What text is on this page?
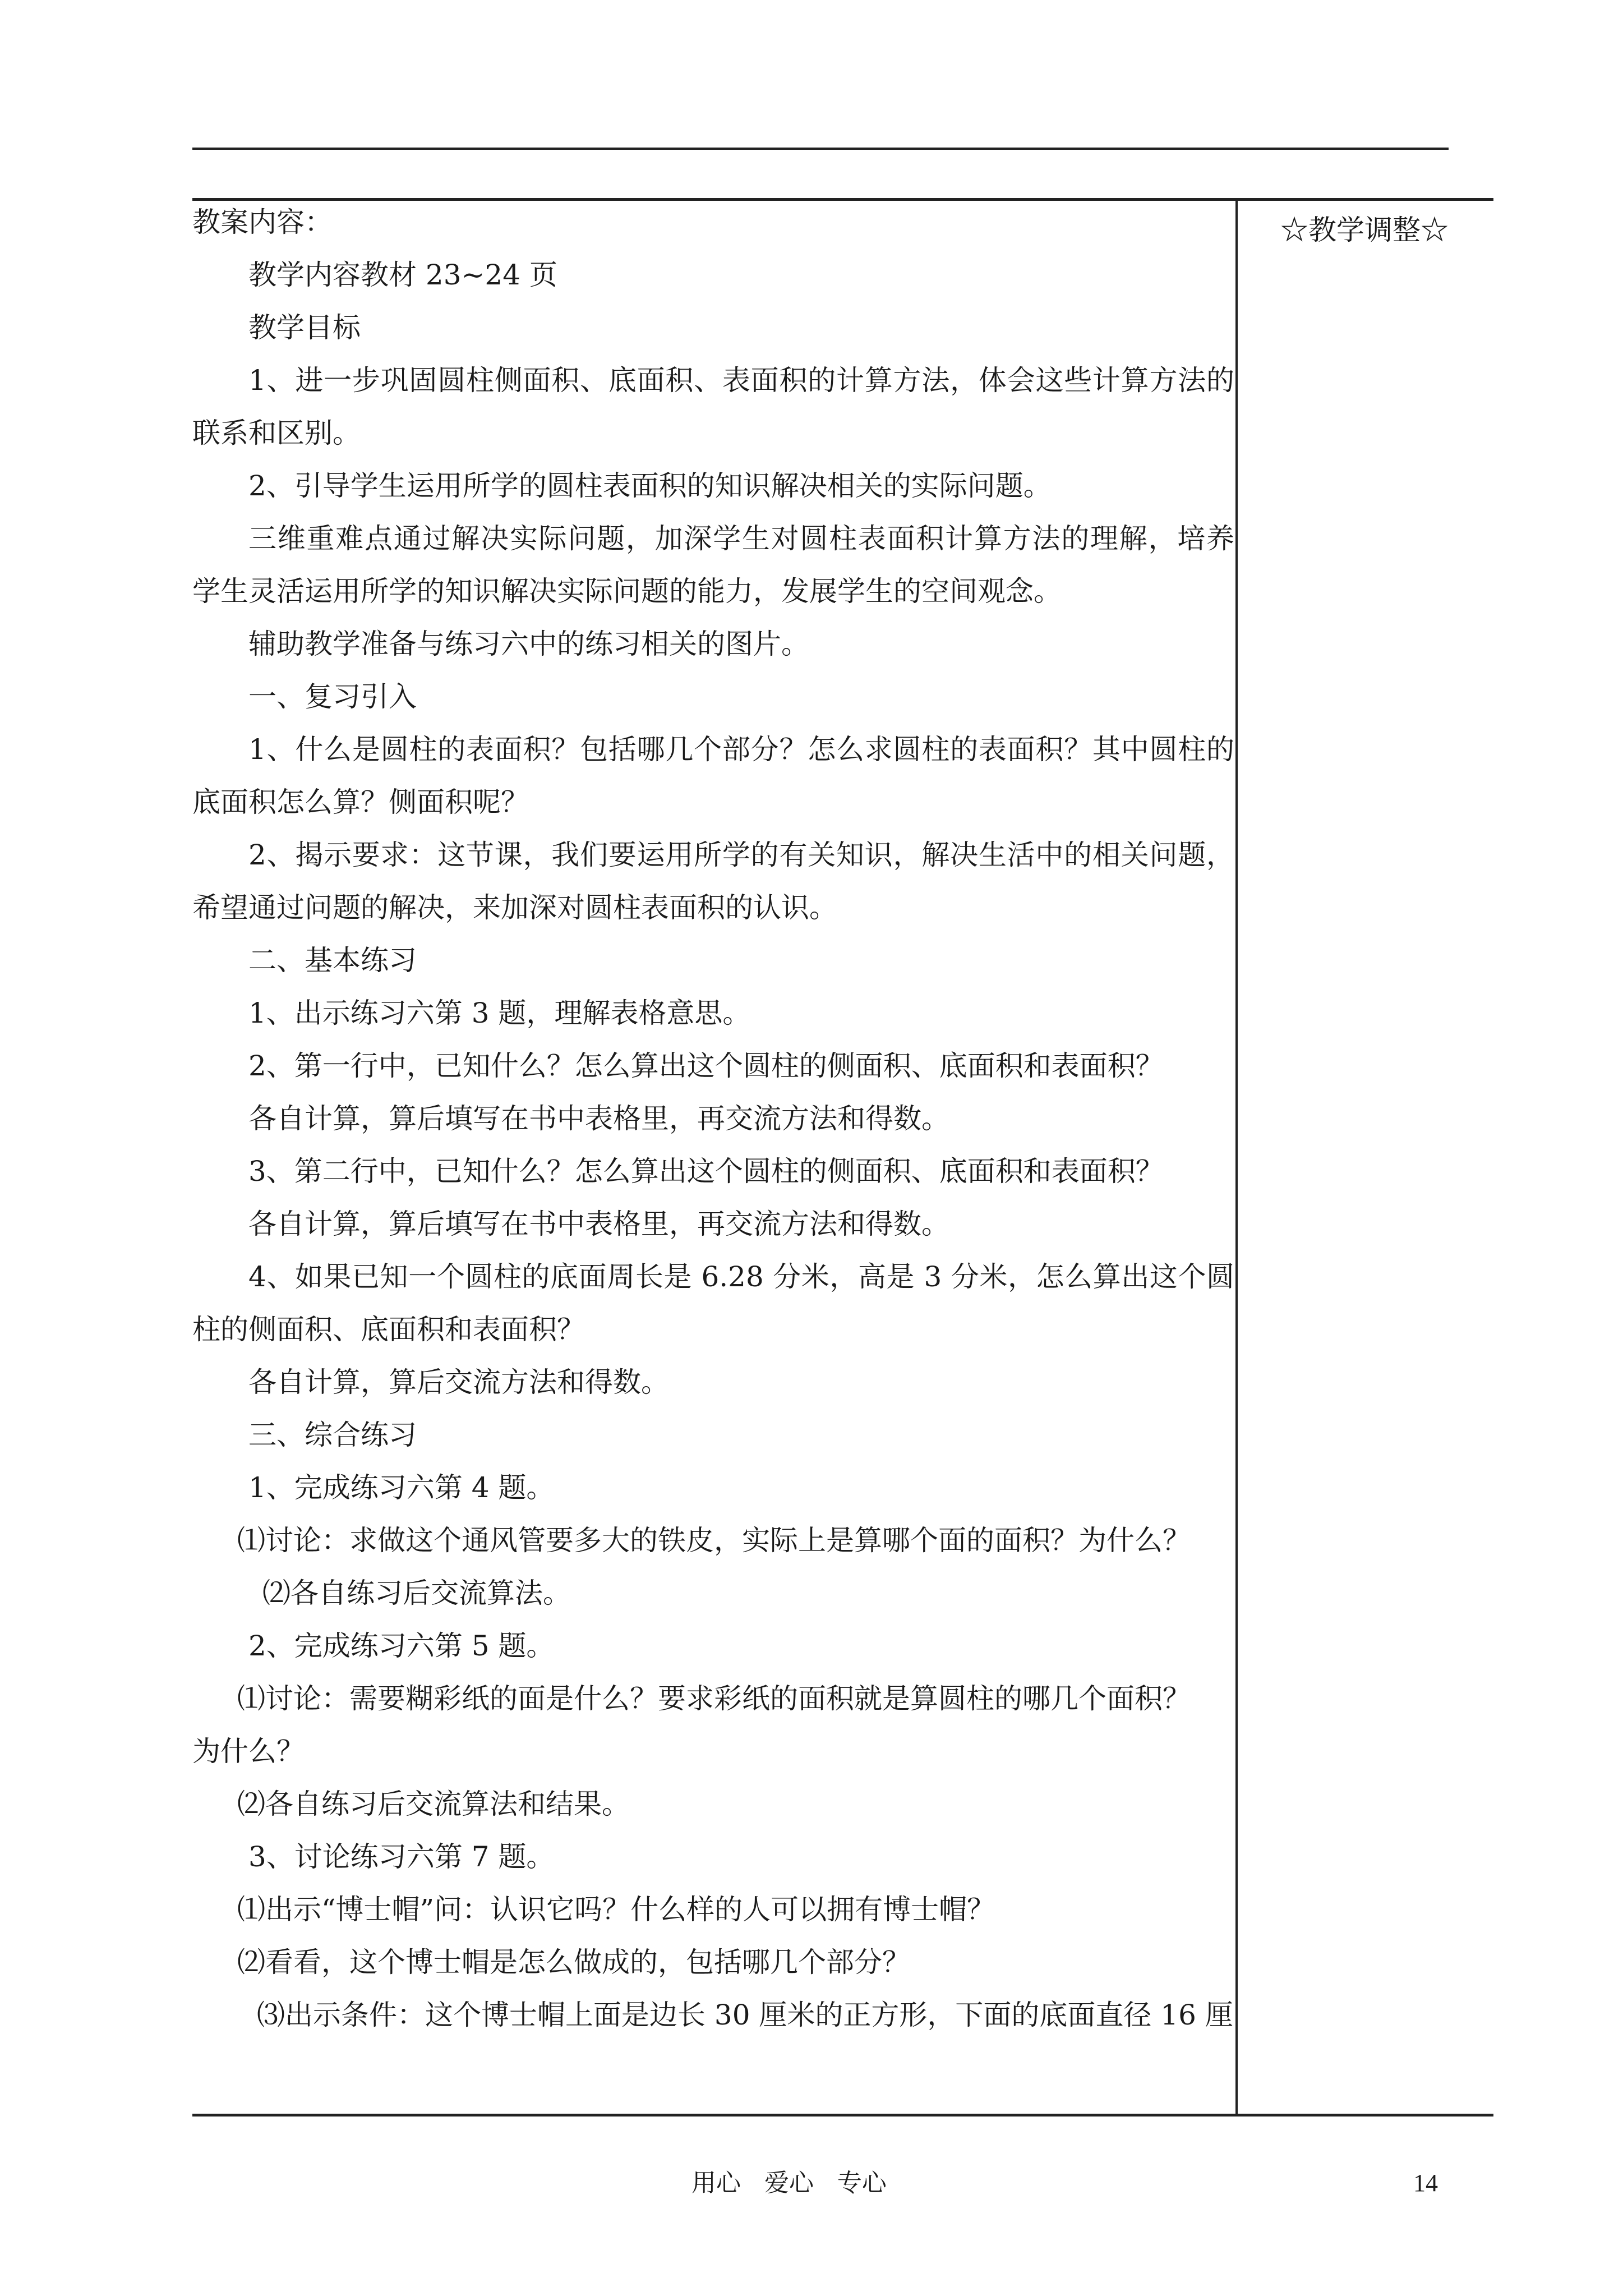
☆教学调整☆
教案内容：
教学内容教材 23~24 页
教学目标
1、进一步巩固圆柱侧面积、底面积、表面积的计算方法，体会这些计算方法的
联系和区别。
2、引导学生运用所学的圆柱表面积的知识解决相关的实际问题。
三维重难点通过解决实际问题，加深学生对圆柱表面积计算方法的理解，培养
学生灵活运用所学的知识解决实际问题的能力，发展学生的空间观念。
辅助教学准备与练习六中的练习相关的图片。
一、复习引入
1、什么是圆柱的表面积？包括哪几个部分？怎么求圆柱的表面积？其中圆柱的
底面积怎么算？侧面积呢？
2、揭示要求：这节课，我们要运用所学的有关知识，解决生活中的相关问题，
希望通过问题的解决，来加深对圆柱表面积的认识。
二、基本练习
1、出示练习六第 3 题，理解表格意思。
2、第一行中，已知什么？怎么算出这个圆柱的侧面积、底面积和表面积？
各自计算，算后填写在书中表格里，再交流方法和得数。
3、第二行中，已知什么？怎么算出这个圆柱的侧面积、底面积和表面积？
各自计算，算后填写在书中表格里，再交流方法和得数。
4、如果已知一个圆柱的底面周长是 6.28 分米，高是 3 分米，怎么算出这个圆
柱的侧面积、底面积和表面积？
各自计算，算后交流方法和得数。
三、综合练习
1、完成练习六第 4 题。
⑴讨论：求做这个通风管要多大的铁皮，实际上是算哪个面的面积？为什么？
⑵各自练习后交流算法。
2、完成练习六第 5 题。
⑴讨论：需要糊彩纸的面是什么？要求彩纸的面积就是算圆柱的哪几个面积？
为什么？
⑵各自练习后交流算法和结果。
3、讨论练习六第 7 题。
⑴出示“博士帽”问：认识它吗？什么样的人可以拥有博士帽？
⑵看看，这个博士帽是怎么做成的，包括哪几个部分？
⑶出示条件：这个博士帽上面是边长 30 厘米的正方形，下面的底面直径 16 厘
用心   爱心   专心	14
